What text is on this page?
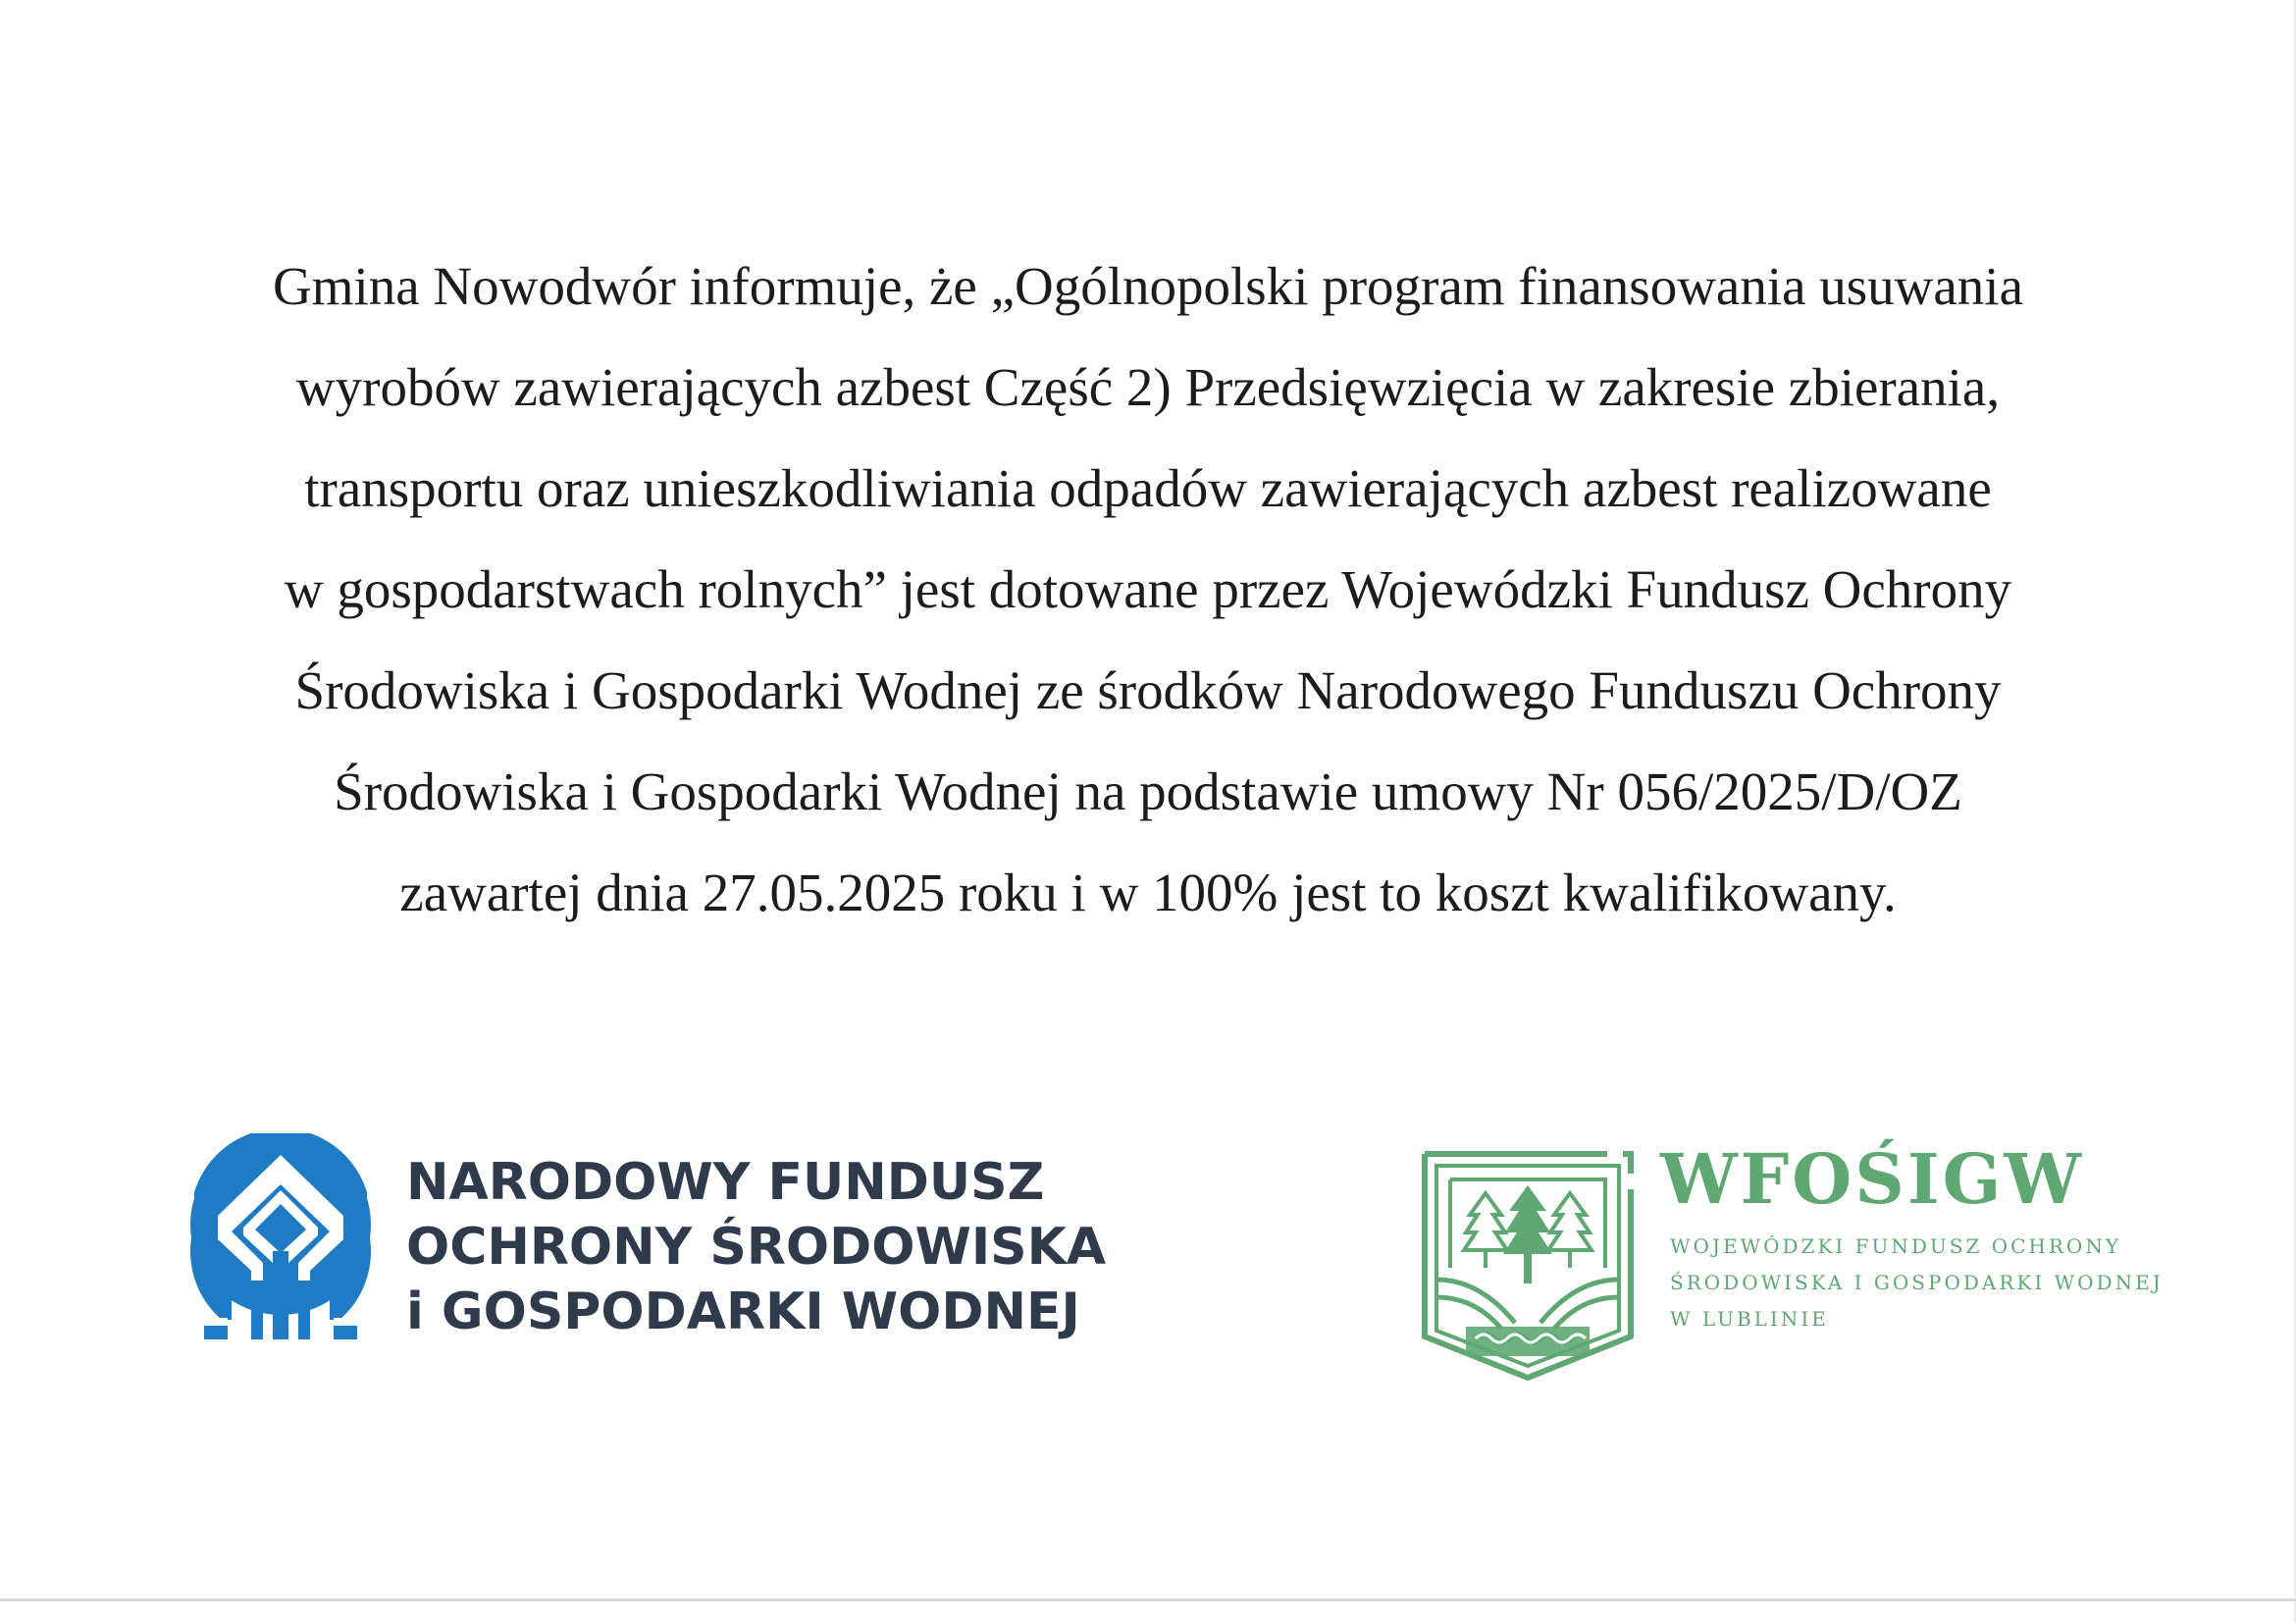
Gmina Nowodwór informuje, że „Ogólnopolski program finansowania usuwania
wyrobów zawierających azbest Część 2) Przedsięwzięcia w zakresie zbierania,
transportu oraz unieszkodliwiania odpadów zawierających azbest realizowane
w gospodarstwach rolnych” jest dotowane przez Wojewódzki Fundusz Ochrony
Środowiska i Gospodarki Wodnej ze środków Narodowego Funduszu Ochrony
Środowiska i Gospodarki Wodnej na podstawie umowy Nr 056/2025/D/OZ
zawartej dnia 27.05.2025 roku i w 100% jest to koszt kwalifikowany.

NARODOWY FUNDUSZ
OCHRONY ŚRODOWISKA
i GOSPODARKI WODNEJ
WFOŚIGW
WOJEWÓDZKI FUNDUSZ OCHRONY
ŚRODOWISKA I GOSPODARKI WODNEJ
W LUBLINIE
